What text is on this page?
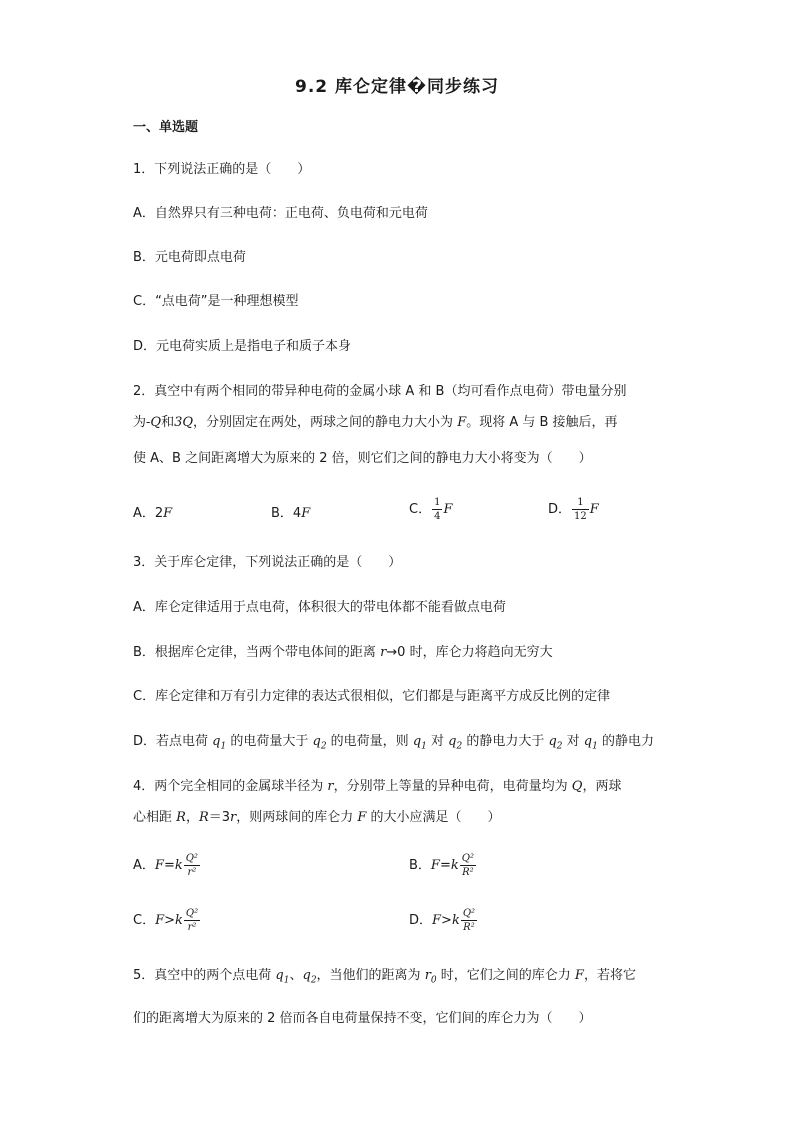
9.2 库仑定律�同步练习
一、单选题
1．下列说法正确的是（　　）
A．自然界只有三种电荷：正电荷、负电荷和元电荷
B．元电荷即点电荷
C．“点电荷”是一种理想模型
D．元电荷实质上是指电子和质子本身
2．真空中有两个相同的带异种电荷的金属小球 A 和 B（均可看作点电荷）带电量分别
为-Q和3Q，分别固定在两处，两球之间的静电力大小为 F。现将 A 与 B 接触后，再
使 A、B 之间距离增大为原来的 2 倍，则它们之间的静电力大小将变为（　　）
A．2F	B．4F	C． $\frac{1}{4}$ F	D． $\frac{1}{12}$ F
3．关于库仑定律，下列说法正确的是（　　）
A．库仑定律适用于点电荷，体积很大的带电体都不能看做点电荷
B．根据库仑定律，当两个带电体间的距离 r→0 时，库仑力将趋向无穷大
C．库仑定律和万有引力定律的表达式很相似，它们都是与距离平方成反比例的定律
D．若点电荷 $q_1$ 的电荷量大于 $q_2$ 的电荷量，则 $q_1$ 对 $q_2$ 的静电力大于 $q_2$ 对 $q_1$ 的静电力
4．两个完全相同的金属球半径为 r，分别带上等量的异种电荷，电荷量均为 Q，两球
心相距 R，R＝3r，则两球间的库仑力 F 的大小应满足（　　）
A．$F=k \frac{\text{Q²}}{\text{r²}}$	B．$F=k \frac{\text{Q²}}{\text{R²}}$
C．$F>k \frac{\text{Q²}}{\text{r²}}$	D．$F>k \frac{\text{Q²}}{\text{R²}}$
5．真空中的两个点电荷 $q_1$、$q_2$，当他们的距离为 $r_0$ 时，它们之间的库仑力 F，若将它
们的距离增大为原来的 2 倍而各自电荷量保持不变，它们间的库仑力为（　　）
